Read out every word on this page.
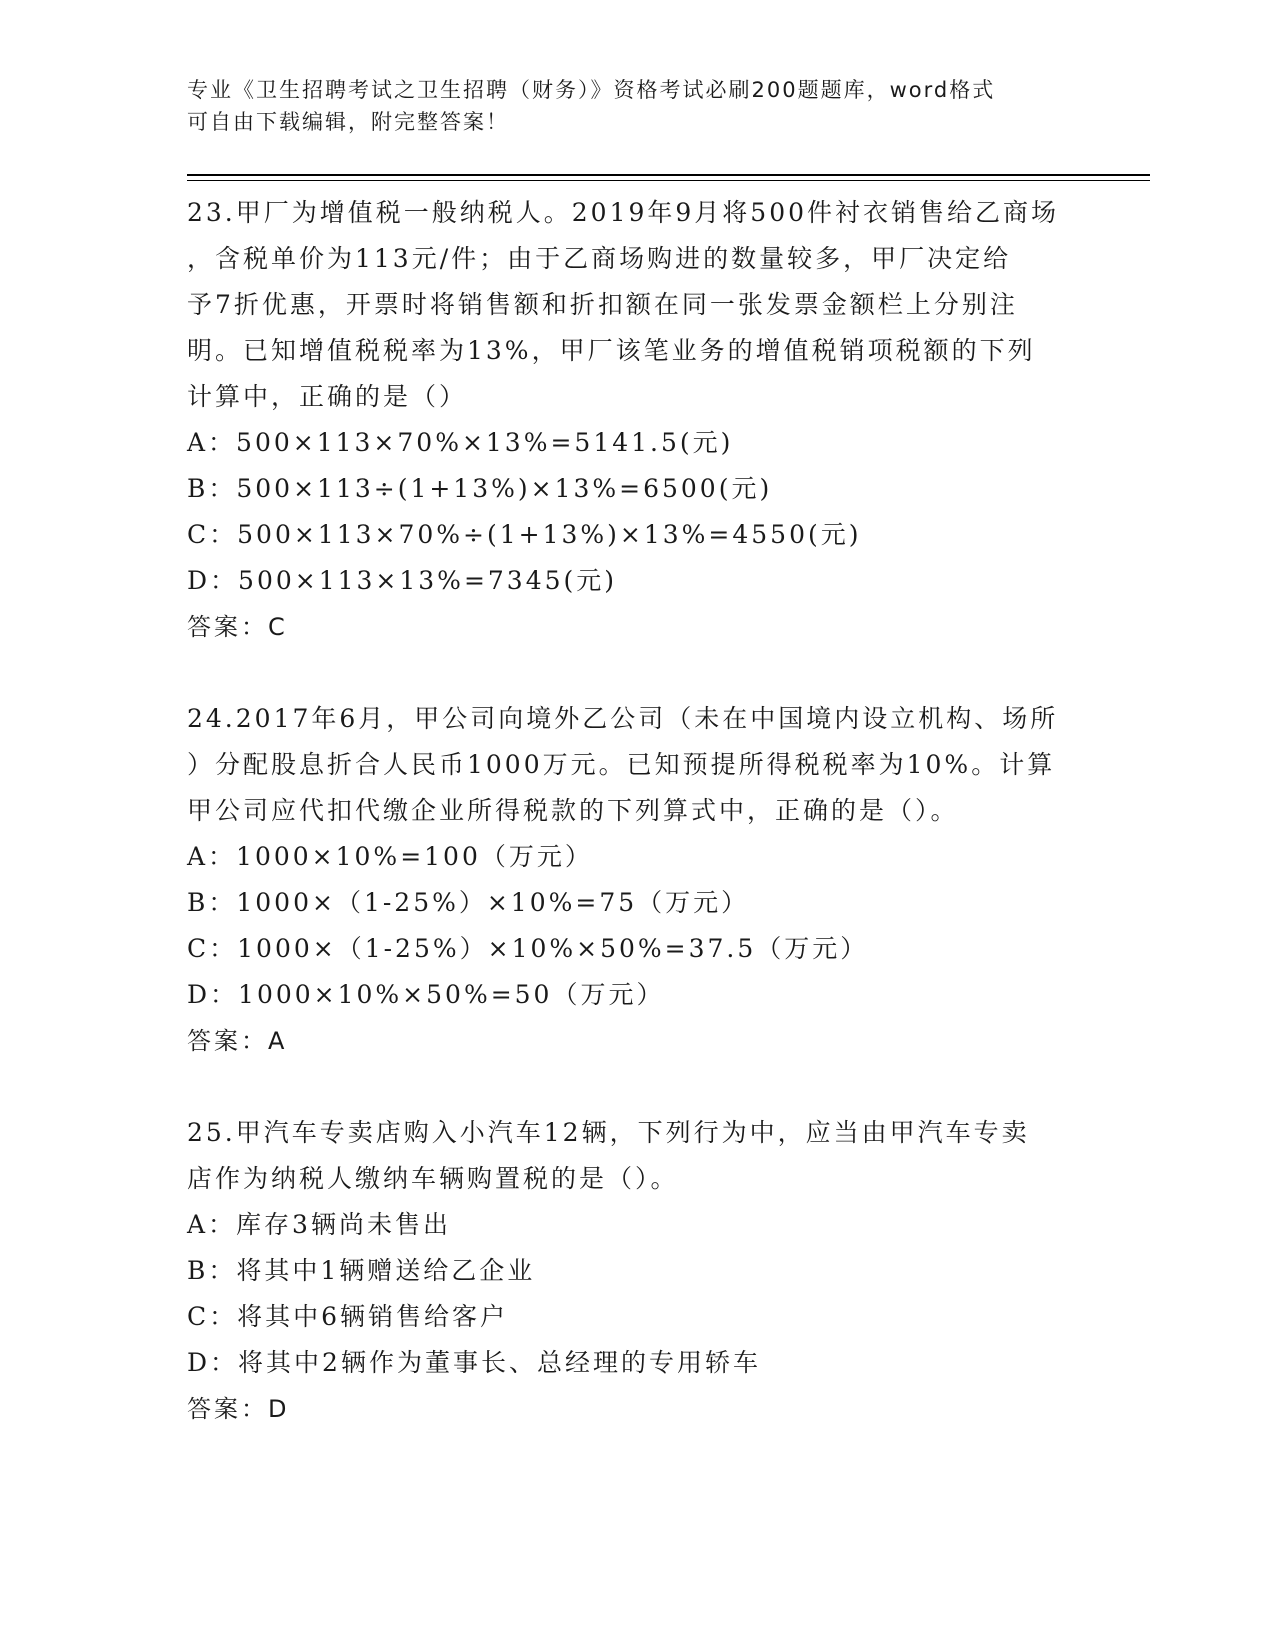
专业《卫生招聘考试之卫生招聘（财务）》资格考试必刷200题题库，word格式
可自由下载编辑，附完整答案！
23.甲厂为增值税一般纳税人。2019年9月将500件衬衣销售给乙商场
，含税单价为113元/件；由于乙商场购进的数量较多，甲厂决定给
予7折优惠，开票时将销售额和折扣额在同一张发票金额栏上分别注
明。已知增值税税率为13%，甲厂该笔业务的增值税销项税额的下列
计算中，正确的是（）
A：500×113×70%×13%=5141.5(元)
B：500×113÷(1+13%)×13%=6500(元)
C：500×113×70%÷(1+13%)×13%=4550(元)
D：500×113×13%=7345(元)
答案：C
24.2017年6月，甲公司向境外乙公司（未在中国境内设立机构、场所
）分配股息折合人民币1000万元。已知预提所得税税率为10%。计算
甲公司应代扣代缴企业所得税款的下列算式中，正确的是（）。
A：1000×10%=100（万元）
B：1000×（1-25%）×10%=75（万元）
C：1000×（1-25%）×10%×50%=37.5（万元）
D：1000×10%×50%=50（万元）
答案：A
25.甲汽车专卖店购入小汽车12辆，下列行为中，应当由甲汽车专卖
店作为纳税人缴纳车辆购置税的是（）。
A：库存3辆尚未售出
B：将其中1辆赠送给乙企业
C：将其中6辆销售给客户
D：将其中2辆作为董事长、总经理的专用轿车
答案：D
